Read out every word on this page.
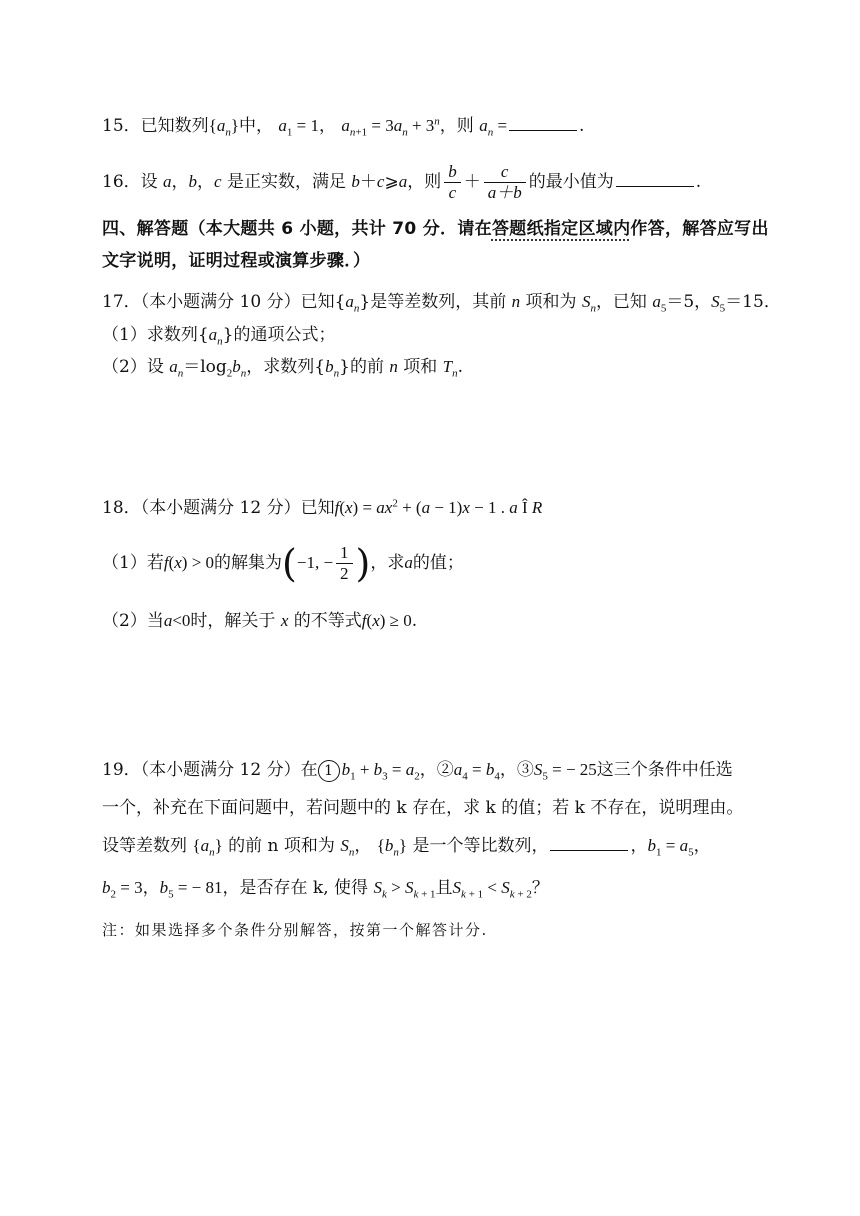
15．已知数列$\{a_n\}$中， $a_1 = 1$， $a_{n+1} = 3a_n + 3^n$，则 $a_n$ =	.
16．设 a，b，c 是正实数，满足 b＋c⩾a，则 $\frac{b}{c} + \frac{c}{a+b}$ 的最小值为	.
四、解答题（本大题共 6 小题，共计 70 分．请在答题纸指定区域内作答，解答应写出
文字说明，证明过程或演算步骤．）
17．（本小题满分 10 分）已知$\{a_n\}$是等差数列，其前 n 项和为 $S_n$，已知 $a_5=5$，$S_5=15$．
（1）求数列$\{a_n\}$的通项公式；
（2）设 $a_n=\log_2b_n$，求数列$\{b_n\}$的前 n 项和 $T_n$.
18．（本小题满分 12 分）已知$f(x) = ax^2 + (a - 1)x - 1$ . a Î R
（1）若f(x) > 0的解集为(−1, − $\frac{1}{2}$ )，求a的值；
（2）当a<0时，解关于 x 的不等式f(x) ≥ 0.
19．（本小题满分 12 分）在 1 $b_1 + b_3 = a_2$，$②a_4 = b_4$，$③S_5$ = − 25这三个条件中任选
一个，补充在下面问题中，若问题中的 k 存在，求 k 的值；若 k 不存在，说明理由。
设等差数列 $\{a_n\}$ 的前 n 项和为 $S_n$， $\{b_n\}$ 是一个等比数列，	，$b_1 = a_5$，
$b_2 = 3$，$b_5$ = − 81，是否存在 k, 使得 $S_k > S_{k + 1}$且$S_{k + 1} < S_{k + 2}$？
注：如果选择多个条件分别解答，按第一个解答计分.
